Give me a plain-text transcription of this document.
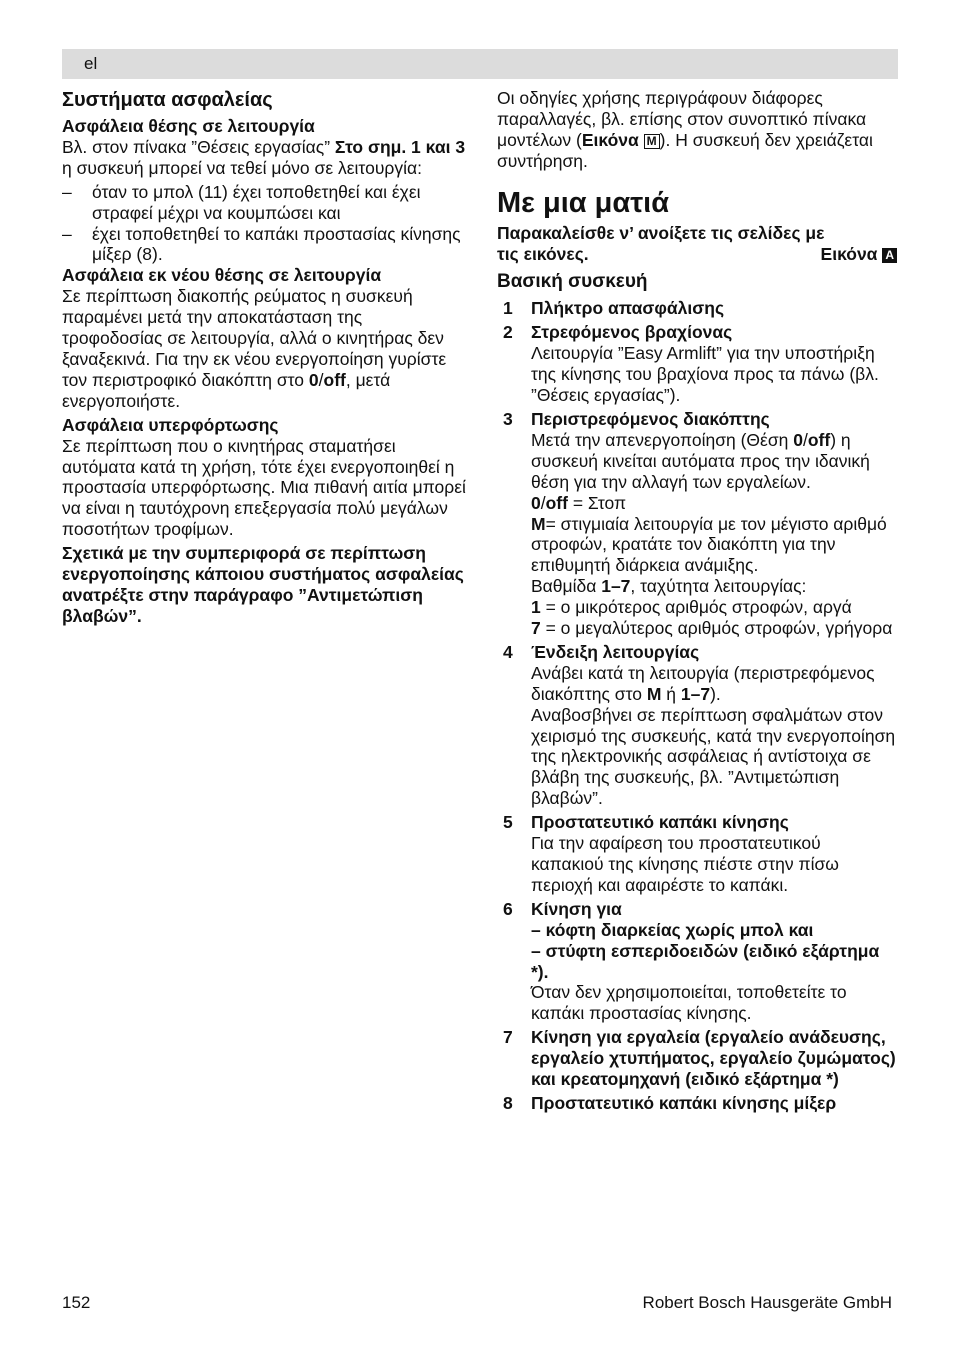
el
Συστήματα ασφαλείας
Ασφάλεια θέσης σε λειτουργία

Βλ. στον πίνακα ”Θέσεις εργασίας” Στο σημ. 1 και 3 η συσκευή μπορεί να τεθεί μόνο σε λειτουργία:

– όταν το μπολ (11) έχει τοποθετηθεί και έχει στραφεί μέχρι να κουμπώσει και

– έχει τοποθετηθεί το καπάκι προστασίας κίνησης μίξερ (8).

Ασφάλεια εκ νέου θέσης σε λειτουργία

Σε περίπτωση διακοπής ρεύματος η συσκευή παραμένει μετά την αποκατάσταση της τροφοδοσίας σε λειτουργία, αλλά ο κινητήρας δεν ξαναξεκινά. Για την εκ νέου ενεργοποίηση γυρίστε τον περιστροφικό διακόπτη στο 0/off, μετά ενεργοποιήστε.

Ασφάλεια υπερφόρτωσης

Σε περίπτωση που ο κινητήρας σταματήσει αυτόματα κατά τη χρήση, τότε έχει ενεργοποιηθεί η προστασία υπερφόρτωσης. Μια πιθανή αιτία μπορεί να είναι η ταυτόχρονη επεξεργασία πολύ μεγάλων ποσοτήτων τροφίμων.

Σχετικά με την συμπεριφορά σε περίπτωση ενεργοποίησης κάποιου συστήματος ασφαλείας ανατρέξτε στην παράγραφο ”Αντιμετώπιση βλαβών”.

Οι οδηγίες χρήσης περιγράφουν διάφορες παραλλαγές, βλ. επίσης στον συνοπτικό πίνακα μοντέλων (Εικόνα M ). Η συσκευή δεν χρειάζεται συντήρηση.

Με μια ματιά
Παρακαλείσθε ν’ ανοίξετε τις σελίδες με
τις εικόνες.	Εικόνα A
Βασική συσκευή
1 Πλήκτρο απασφάλισης
2 Στρεφόμενος βραχίονας
Λειτουργία ”Easy Armlift” για την υποστήριξη της κίνησης του βραχίονα προς τα πάνω (βλ. ”Θέσεις εργασίας”).
3 Περιστρεφόμενος διακόπτης
Μετά την απενεργοποίηση (Θέση 0/off) η συσκευή κινείται αυτόματα προς την ιδανική θέση για την αλλαγή των εργαλείων.
0/off = Στοπ
M= στιγμιαία λειτουργία με τον μέγιστο αριθμό στροφών, κρατάτε τον διακόπτη για την επιθυμητή διάρκεια ανάμιξης.
Βαθμίδα 1–7, ταχύτητα λειτουργίας:
1 = ο μικρότερος αριθμός στροφών, αργά
7 = ο μεγαλύτερος αριθμός στροφών, γρήγορα
4 Ένδειξη λειτουργίας
Ανάβει κατά τη λειτουργία (περιστρεφόμενος διακόπτης στο M ή 1–7).
Αναβοσβήνει σε περίπτωση σφαλμάτων στον χειρισμό της συσκευής, κατά την ενεργοποίηση της ηλεκτρονικής ασφάλειας ή αντίστοιχα σε βλάβη της συσκευής, βλ. ”Αντιμετώπιση βλαβών”.
5 Προστατευτικό καπάκι κίνησης
Για την αφαίρεση του προστατευτικού καπακιού της κίνησης πιέστε στην πίσω περιοχή και αφαιρέστε το καπάκι.
6 Κίνηση για
– κόφτη διαρκείας χωρίς μπολ και
– στύφτη εσπεριδοειδών (ειδικό εξάρτημα *).
Όταν δεν χρησιμοποιείται, τοποθετείτε το καπάκι προστασίας κίνησης.
7 Κίνηση για εργαλεία (εργαλείο ανάδευσης, εργαλείο χτυπήματος, εργαλείο ζυμώματος) και κρεατομηχανή (ειδικό εξάρτημα *)
8 Προστατευτικό καπάκι κίνησης μίξερ
152	Robert Bosch Hausgeräte GmbH
